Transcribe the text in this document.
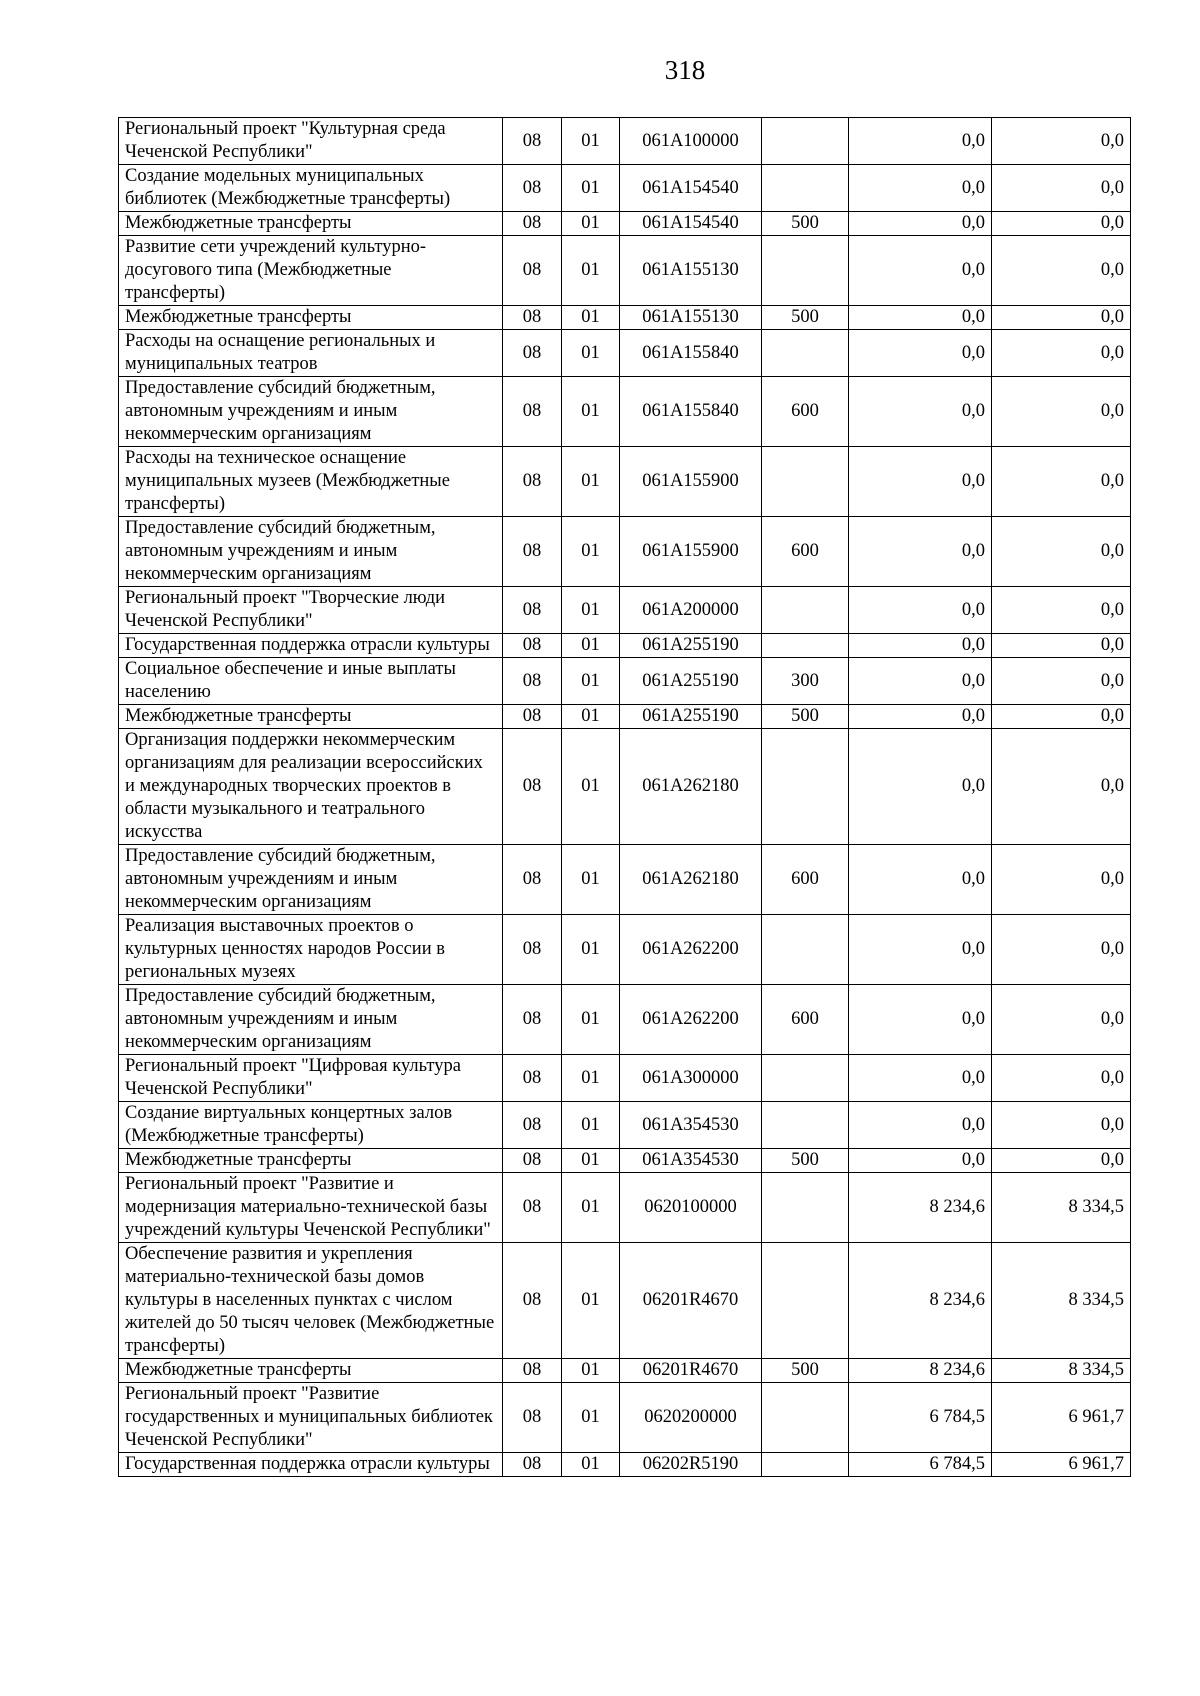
318
Региональный проект "Культурная среда Чеченской Республики"	08	01	061A100000		0,0	0,0
Создание модельных муниципальных библиотек (Межбюджетные трансферты)	08	01	061A154540		0,0	0,0
Межбюджетные трансферты	08	01	061A154540	500	0,0	0,0
Развитие сети учреждений культурно-досугового типа (Межбюджетные трансферты)	08	01	061A155130		0,0	0,0
Межбюджетные трансферты	08	01	061A155130	500	0,0	0,0
Расходы на оснащение региональных и муниципальных театров	08	01	061A155840		0,0	0,0
Предоставление субсидий бюджетным, автономным учреждениям и иным некоммерческим организациям	08	01	061A155840	600	0,0	0,0
Расходы на техническое оснащение муниципальных музеев (Межбюджетные трансферты)	08	01	061A155900		0,0	0,0
Предоставление субсидий бюджетным, автономным учреждениям и иным некоммерческим организациям	08	01	061A155900	600	0,0	0,0
Региональный проект "Творческие люди Чеченской Республики"	08	01	061A200000		0,0	0,0
Государственная поддержка отрасли культуры	08	01	061A255190		0,0	0,0
Социальное обеспечение и иные выплаты населению	08	01	061A255190	300	0,0	0,0
Межбюджетные трансферты	08	01	061A255190	500	0,0	0,0
Организация поддержки некоммерческим организациям для реализации всероссийских и международных творческих проектов в области музыкального и театрального искусства	08	01	061A262180		0,0	0,0
Предоставление субсидий бюджетным, автономным учреждениям и иным некоммерческим организациям	08	01	061A262180	600	0,0	0,0
Реализация выставочных проектов о культурных ценностях народов России в региональных музеях	08	01	061A262200		0,0	0,0
Предоставление субсидий бюджетным, автономным учреждениям и иным некоммерческим организациям	08	01	061A262200	600	0,0	0,0
Региональный проект "Цифровая культура Чеченской Республики"	08	01	061A300000		0,0	0,0
Создание виртуальных концертных залов (Межбюджетные трансферты)	08	01	061A354530		0,0	0,0
Межбюджетные трансферты	08	01	061A354530	500	0,0	0,0
Региональный проект "Развитие и модернизация материально-технической базы учреждений культуры Чеченской Республики"	08	01	0620100000		8 234,6	8 334,5
Обеспечение развития и укрепления материально-технической базы домов культуры в населенных пунктах с числом жителей до 50 тысяч человек (Межбюджетные трансферты)	08	01	06201R4670		8 234,6	8 334,5
Межбюджетные трансферты	08	01	06201R4670	500	8 234,6	8 334,5
Региональный проект "Развитие государственных и муниципальных библиотек Чеченской Республики"	08	01	0620200000		6 784,5	6 961,7
Государственная поддержка отрасли культуры	08	01	06202R5190		6 784,5	6 961,7
